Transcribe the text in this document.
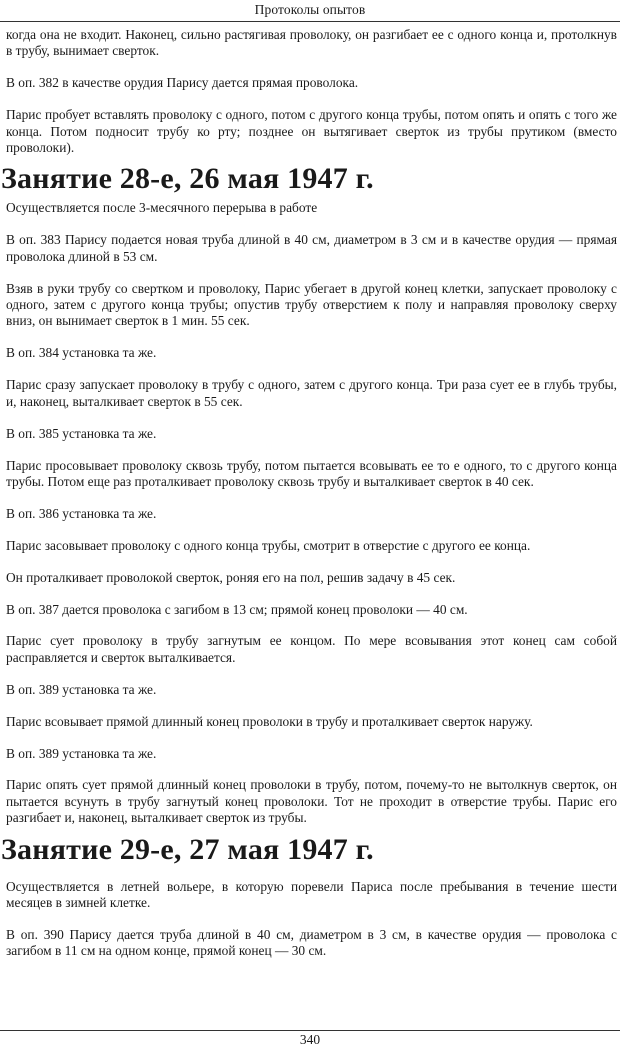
Протоколы опытов

когда она не входит. Наконец, сильно растягивая проволоку, он разгибает ее с одного конца и, протолкнув в трубу, вынимает сверток.

В оп. 382 в качестве орудия Парису дается прямая проволока.

Парис пробует вставлять проволоку с одного, потом с другого конца трубы, потом опять и опять с того же конца. Потом подносит трубу ко рту; позднее он вытягивает сверток из трубы прутиком (вместо проволоки).

Занятие 28-е, 26 мая 1947 г.

Осуществляется после 3-месячного перерыва в работе

В оп. 383 Парису подается новая труба длиной в 40 см, диаметром в 3 см и в качестве орудия — прямая проволока длиной в 53 см.

Взяв в руки трубу со свертком и проволоку, Парис убегает в другой конец клетки, запускает проволоку с одного, затем с другого конца трубы; опустив трубу отверстием к полу и направляя проволоку сверху вниз, он вынимает сверток в 1 мин. 55 сек.

В оп. 384 установка та же.

Парис сразу запускает проволоку в трубу с одного, затем с другого конца. Три раза сует ее в глубь трубы, и, наконец, выталкивает сверток в 55 сек.

В оп. 385 установка та же.

Парис просовывает проволоку сквозь трубу, потом пытается всовывать ее то е одного, то с другого конца трубы. Потом еще раз проталкивает проволоку сквозь трубу и выталкивает сверток в 40 сек.

В оп. 386 установка та же.

Парис засовывает проволоку с одного конца трубы, смотрит в отверстие с другого ее конца.

Он проталкивает проволокой сверток, роняя его на пол, решив задачу в 45 сек.

В оп. 387 дается проволока с загибом в 13 см; прямой конец проволоки — 40 см.

Парис сует проволоку в трубу загнутым ее концом. По мере всовывания этот конец сам собой расправляется и сверток выталкивается.

В оп. 389 установка та же.

Парис всовывает прямой длинный конец проволоки в трубу и проталкивает сверток наружу.

В оп. 389 установка та же.

Парис опять сует прямой длинный конец проволоки в трубу, потом, почему-то не вытолкнув сверток, он пытается всунуть в трубу загнутый конец проволоки. Тот не проходит в отверстие трубы. Парис его разгибает и, наконец, выталкивает сверток из трубы.

Занятие 29-е, 27 мая 1947 г.

Осуществляется в летней вольере, в которую поревели Париса после пребывания в течение шести месяцев в зимней клетке.

В оп. 390 Парису дается труба длиной в 40 см, диаметром в 3 см, в качестве орудия — проволока с загибом в 11 см на одном конце, прямой конец — 30 см.

340
